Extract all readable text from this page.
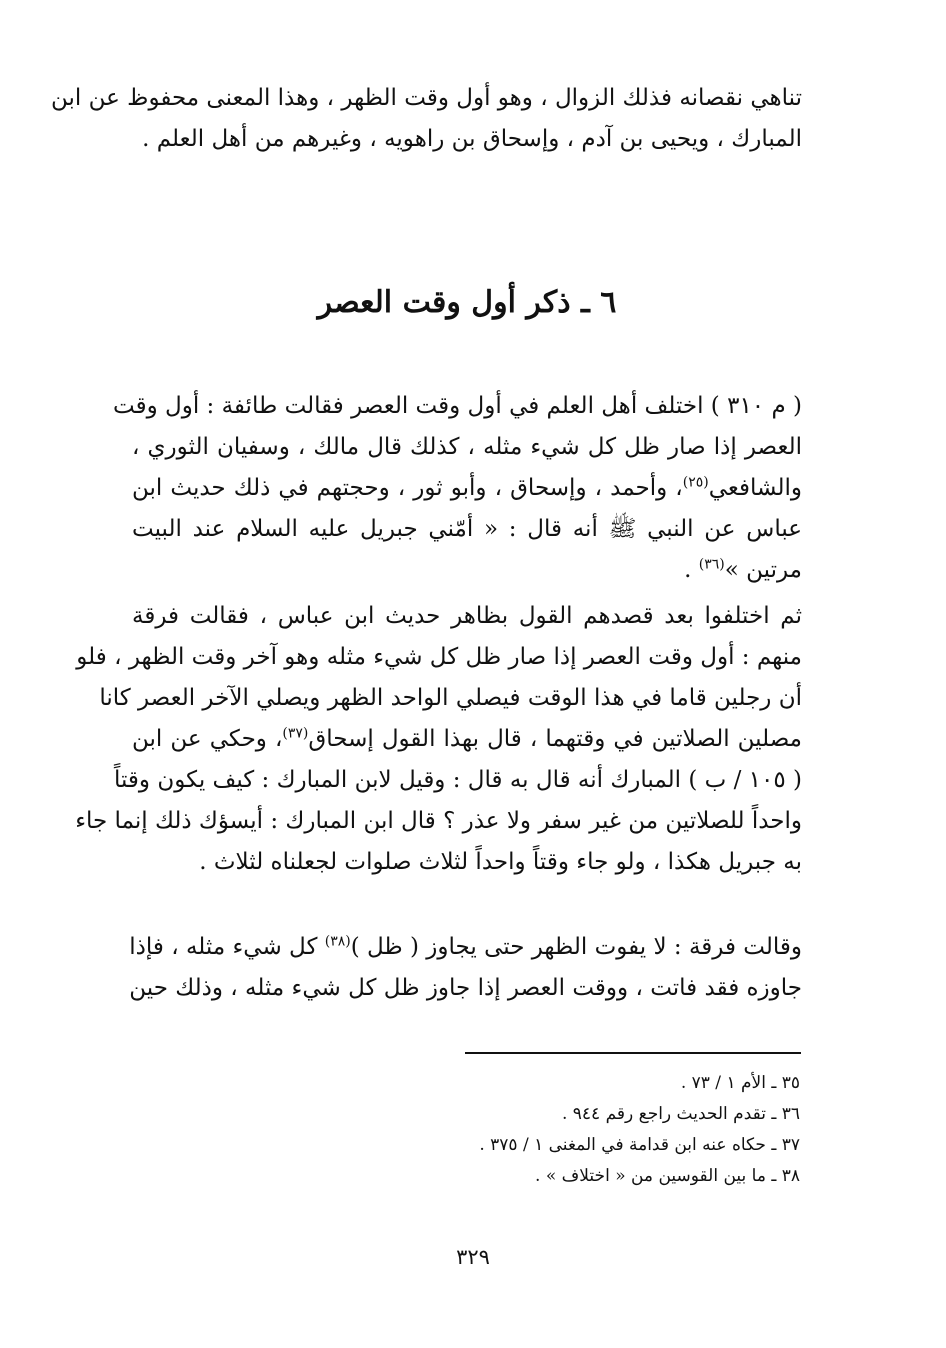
تناهي نقصانه فذلك الزوال ، وهو أول وقت الظهر ، وهذا المعنى محفوظ عن ابن
المبارك ، ويحيى بن آدم ، وإسحاق بن راهويه ، وغيرهم من أهل العلم .
٦ ـ ذكر أول وقت العصر
( م ٣١٠ ) اختلف أهل العلم في أول وقت العصر فقالت طائفة : أول وقت
العصر إذا صار ظل كل شيء مثله ، كذلك قال مالك ، وسفيان الثوري ،
والشافعي$^{(٢٥)}$، وأحمد ، وإسحاق ، وأبو ثور ، وحجتهم في ذلك حديث ابن
عباس عن النبي ﷺ أنه قال : « أمّني جبريل عليه السلام عند البيت
مرتين »$^{(٣٦)}$ .
ثم اختلفوا بعد قصدهم القول بظاهر حديث ابن عباس ، فقالت فرقة
منهم : أول وقت العصر إذا صار ظل كل شيء مثله وهو آخر وقت الظهر ، فلو
أن رجلين قاما في هذا الوقت فيصلي الواحد الظهر ويصلي الآخر العصر كانا
مصلين الصلاتين في وقتهما ، قال بهذا القول إسحاق$^{(٣٧)}$، وحكي عن ابن
( ١٠٥ / ب ) المبارك أنه قال به قال : وقيل لابن المبارك : كيف يكون وقتاً
واحداً للصلاتين من غير سفر ولا عذر ؟ قال ابن المبارك : أيسؤك ذلك إنما جاء
به جبريل هكذا ، ولو جاء وقتاً واحداً لثلاث صلوات لجعلناه لثلاث .
وقالت فرقة : لا يفوت الظهر حتى يجاوز ( ظل )$^{(٣٨)}$ كل شيء مثله ، فإذا
جاوزه فقد فاتت ، ووقت العصر إذا جاوز ظل كل شيء مثله ، وذلك حين
٣٥ ـ الأم ١ / ٧٣ .
٣٦ ـ تقدم الحديث راجع رقم ٩٤٤ .
٣٧ ـ حكاه عنه ابن قدامة في المغنى ١ / ٣٧٥ .
٣٨ ـ ما بين القوسين من « اختلاف » .
٣٢٩
